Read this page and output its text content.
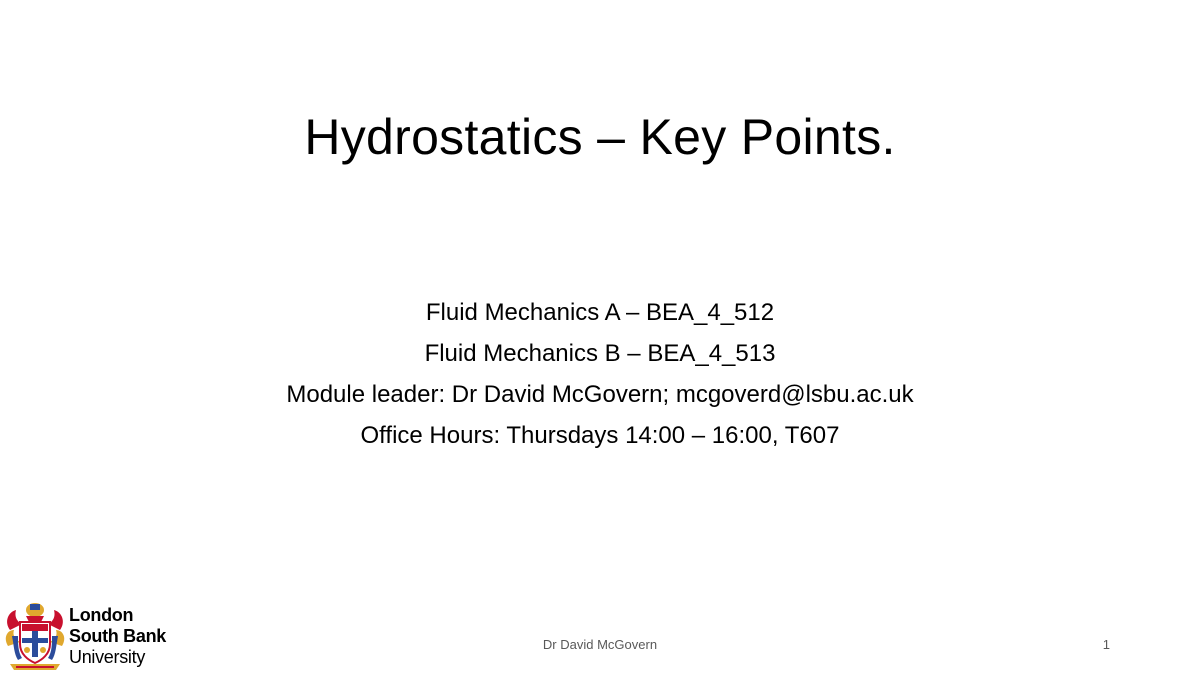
Hydrostatics – Key Points.
Fluid Mechanics A – BEA_4_512
Fluid Mechanics B – BEA_4_513
Module leader: Dr David McGovern; mcgoverd@lsbu.ac.uk
Office Hours: Thursdays 14:00 – 16:00, T607
London
South Bank
University
Dr David McGovern	1
